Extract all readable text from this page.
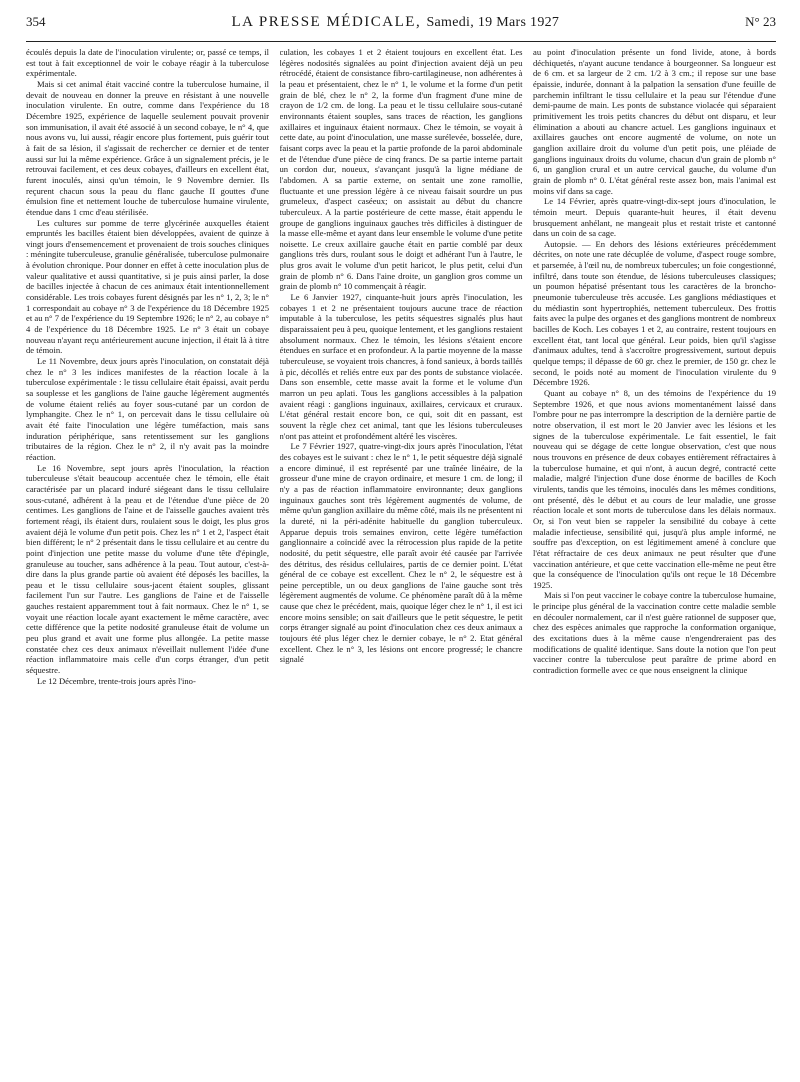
354	LA PRESSE MÉDICALE, Samedi, 19 Mars 1927	N° 23

écoulés depuis la date de l'inoculation virulente; or, passé ce temps, il est tout à fait exceptionnel de voir le cobaye réagir à la tuberculose expérimentale.

Mais si cet animal était vacciné contre la tuberculose humaine, il devait de nouveau en donner la preuve en résistant à une nouvelle inoculation virulente. En outre, comme dans l'expérience du 18 Décembre 1925, expérience de laquelle seulement pouvait provenir son immunisation, il avait été associé à un second cobaye, le n° 4, que nous avons vu, lui aussi, réagir encore plus fortement, puis guérir tout à fait de sa lésion, il s'agissait de rechercher ce dernier et de tenter aussi sur lui la même expérience. Grâce à un signalement précis, je le retrouvai facilement, et ces deux cobayes, d'ailleurs en excellent état, furent inoculés, ainsi qu'un témoin, le 9 Novembre dernier. Ils reçurent chacun sous la peau du flanc gauche II gouttes d'une émulsion fine et nettement louche de tuberculose humaine virulente, étendue dans 1 cmc d'eau stérilisée.

Les cultures sur pomme de terre glycérinée auxquelles étaient empruntés les bacilles étaient bien développées, avaient de quinze à vingt jours d'ensemencement et provenaient de trois souches cliniques : méningite tuberculeuse, granulie généralisée, tuberculose pulmonaire à évolution chronique. Pour donner en effet à cette inoculation plus de valeur qualitative et aussi quantitative, si je puis ainsi parler, la dose de bacilles injectée à chacun de ces animaux était intentionnellement considérable. Les trois cobayes furent désignés par les n° 1, 2, 3; le n° 1 correspondait au cobaye n° 3 de l'expérience du 18 Décembre 1925 et au n° 7 de l'expérience du 19 Septembre 1926; le n° 2, au cobaye n° 4 de l'expérience du 18 Décembre 1925. Le n° 3 était un cobaye nouveau n'ayant reçu antérieurement aucune injection, il était là à titre de témoin.

Le 11 Novembre, deux jours après l'inoculation, on constatait déjà chez le n° 3 les indices manifestes de la réaction locale à la tuberculose expérimentale : le tissu cellulaire était épaissi, avait perdu sa souplesse et les ganglions de l'aine gauche légèrement augmentés de volume étaient reliés au foyer sous-cutané par un cordon de lymphangite. Chez le n° 1, on percevait dans le tissu cellulaire où avait été faite l'inoculation une légère tuméfaction, mais sans induration périphérique, sans retentissement sur les ganglions tributaires de la région. Chez le n° 2, il n'y avait pas la moindre réaction.

Le 16 Novembre, sept jours après l'inoculation, la réaction tuberculeuse s'était beaucoup accentuée chez le témoin, elle était caractérisée par un placard induré siégeant dans le tissu cellulaire sous-cutané, adhérent à la peau et de l'étendue d'une pièce de 20 centimes. Les ganglions de l'aine et de l'aisselle gauches avaient très fortement réagi, ils étaient durs, roulaient sous le doigt, les plus gros avaient déjà le volume d'un petit pois. Chez les n° 1 et 2, l'aspect était bien différent; le n° 2 présentait dans le tissu cellulaire et au centre du point d'injection une petite masse du volume d'une tête d'épingle, granuleuse au toucher, sans adhérence à la peau. Tout autour, c'est-à-dire dans la plus grande partie où avaient été déposés les bacilles, la peau et le tissu cellulaire sous-jacent étaient souples, glissant facilement l'un sur l'autre. Les ganglions de l'aine et de l'aisselle gauches restaient apparemment tout à fait normaux. Chez le n° 1, se voyait une réaction locale ayant exactement le même caractère, avec cette différence que la petite nodosité granuleuse était de volume un peu plus grand et avait une forme plus allongée. La petite masse constatée chez ces deux animaux n'éveillait nullement l'idée d'une réaction inflammatoire mais celle d'un corps étranger, d'un petit séquestre.

Le 12 Décembre, trente-trois jours après l'ino-

culation, les cobayes 1 et 2 étaient toujours en excellent état. Les légères nodosités signalées au point d'injection avaient déjà un peu rétrocédé, étaient de consistance fibro-cartilagineuse, non adhérentes à la peau et présentaient, chez le n° 1, le volume et la forme d'un petit grain de blé, chez le n° 2, la forme d'un fragment d'une mine de crayon de 1/2 cm. de long. La peau et le tissu cellulaire sous-cutané environnants étaient souples, sans traces de réaction, les ganglions axillaires et inguinaux étaient normaux. Chez le témoin, se voyait à cette date, au point d'inoculation, une masse surélevée, bosselée, dure, faisant corps avec la peau et la partie profonde de la paroi abdominale et de l'étendue d'une pièce de cinq francs. De sa partie interne partait un cordon dur, noueux, s'avançant jusqu'à la ligne médiane de l'abdomen. A sa partie externe, on sentait une zone ramollie, fluctuante et une pression légère à ce niveau faisait sourdre un pus grumeleux, d'aspect caséeux; on assistait au début du chancre tuberculeux. A la partie postérieure de cette masse, était appendu le groupe de ganglions inguinaux gauches très difficiles à distinguer de la masse elle-même et ayant dans leur ensemble le volume d'une petite noisette. Le creux axillaire gauche était en partie comblé par deux ganglions très durs, roulant sous le doigt et adhérant l'un à l'autre, le plus gros avait le volume d'un petit haricot, le plus petit, celui d'un grain de plomb n° 6. Dans l'aine droite, un ganglion gros comme un grain de plomb n° 10 commençait à réagir.

Le 6 Janvier 1927, cinquante-huit jours après l'inoculation, les cobayes 1 et 2 ne présentaient toujours aucune trace de réaction imputable à la tuberculose, les petits séquestres signalés plus haut disparaissaient peu à peu, quoique lentement, et les ganglions restaient absolument normaux. Chez le témoin, les lésions s'étaient encore étendues en surface et en profondeur. A la partie moyenne de la masse tuberculeuse, se voyaient trois chancres, à fond sanieux, à bords taillés à pic, décollés et reliés entre eux par des ponts de substance violacée. Dans son ensemble, cette masse avait la forme et le volume d'un marron un peu aplati. Tous les ganglions accessibles à la palpation avaient réagi : ganglions inguinaux, axillaires, cervicaux et cruraux. L'état général restait encore bon, ce qui, soit dit en passant, est souvent la règle chez cet animal, tant que les lésions tuberculeuses n'ont pas atteint et profondément altéré les viscères.

Le 7 Février 1927, quatre-vingt-dix jours après l'inoculation, l'état des cobayes est le suivant : chez le n° 1, le petit séquestre déjà signalé a encore diminué, il est représenté par une traînée linéaire, de la grosseur d'une mine de crayon ordinaire, et mesure 1 cm. de long; il n'y a pas de réaction inflammatoire environnante; deux ganglions inguinaux gauches sont très légèrement augmentés de volume, de même qu'un ganglion axillaire du même côté, mais ils ne présentent ni la dureté, ni la péri-adénite habituelle du ganglion tuberculeux. Apparue depuis trois semaines environ, cette légère tuméfaction ganglionnaire a coïncidé avec la rétrocession plus rapide de la petite nodosité, du petit séquestre, elle paraît avoir été causée par l'arrivée des détritus, des résidus cellulaires, partis de ce dernier point. L'état général de ce cobaye est excellent. Chez le n° 2, le séquestre est à peine perceptible, un ou deux ganglions de l'aine gauche sont très légèrement augmentés de volume. Ce phénomène paraît dû à la même cause que chez le précédent, mais, quoique léger chez le n° 1, il est ici encore moins sensible; on sait d'ailleurs que le petit séquestre, le petit corps étranger signalé au point d'inoculation chez ces deux animaux a toujours été plus léger chez le dernier cobaye, le n° 2. Etat général excellent. Chez le n° 3, les lésions ont encore progressé; le chancre signalé

au point d'inoculation présente un fond livide, atone, à bords déchiquetés, n'ayant aucune tendance à bourgeonner. Sa longueur est de 6 cm. et sa largeur de 2 cm. 1/2 à 3 cm.; il repose sur une base épaissie, indurée, donnant à la palpation la sensation d'une feuille de parchemin infiltrant le tissu cellulaire et la peau sur l'étendue d'une demi-paume de main. Les ponts de substance violacée qui séparaient primitivement les trois petits chancres du début ont disparu, et leur élimination a abouti au chancre actuel. Les ganglions inguinaux et axillaires gauches ont encore augmenté de volume, on note un ganglion axillaire droit du volume d'un petit pois, une pléiade de ganglions inguinaux droits du volume, chacun d'un grain de plomb n° 6, un ganglion crural et un autre cervical gauche, du volume d'un grain de plomb n° 0. L'état général reste assez bon, mais l'animal est moins vif dans sa cage.

Le 14 Février, après quatre-vingt-dix-sept jours d'inoculation, le témoin meurt. Depuis quarante-huit heures, il était devenu brusquement anhélant, ne mangeait plus et restait triste et cantonné dans un coin de sa cage.

Autopsie. — En dehors des lésions extérieures précédemment décrites, on note une rate décuplée de volume, d'aspect rouge sombre, et parsemée, à l'œil nu, de nombreux tubercules; un foie congestionné, infiltré, dans toute son étendue, de lésions tuberculeuses classiques; un poumon hépatisé présentant tous les caractères de la broncho-pneumonie tuberculeuse très accusée. Les ganglions médiastiques et du médiastin sont hypertrophiés, nettement tuberculeux. Des frottis faits avec la pulpe des organes et des ganglions montrent de nombreux bacilles de Koch. Les cobayes 1 et 2, au contraire, restent toujours en excellent état, tant local que général. Leur poids, bien qu'il s'agisse d'animaux adultes, tend à s'accroître progressivement, surtout depuis quelque temps; il dépasse de 60 gr. chez le premier, de 150 gr. chez le second, le poids noté au moment de l'inoculation virulente du 9 Décembre 1926.

Quant au cobaye n° 8, un des témoins de l'expérience du 19 Septembre 1926, et que nous avions momentanément laissé dans l'ombre pour ne pas interrompre la description de la dernière partie de notre observation, il est mort le 20 Janvier avec les lésions et les signes de la tuberculose expérimentale. Le fait essentiel, le fait nouveau qui se dégage de cette longue observation, c'est que nous nous trouvons en présence de deux cobayes entièrement réfractaires à la tuberculose humaine, et qui n'ont, à aucun degré, contracté cette maladie, malgré l'injection d'une dose énorme de bacilles de Koch virulents, tandis que les témoins, inoculés dans les mêmes conditions, ont présenté, dès le début et au cours de leur maladie, une grosse réaction locale et sont morts de tuberculose dans les délais normaux. Or, si l'on veut bien se rappeler la sensibilité du cobaye à cette maladie infectieuse, sensibilité qui, jusqu'à plus ample informé, ne souffre pas d'exception, on est légitimement amené à conclure que l'état réfractaire de ces deux animaux ne peut résulter que d'une vaccination antérieure, et que cette vaccination elle-même ne peut être que la conséquence de l'inoculation qu'ils ont reçue le 18 Décembre 1925.

Mais si l'on peut vacciner le cobaye contre la tuberculose humaine, le principe plus général de la vaccination contre cette maladie semble en découler normalement, car il n'est guère rationnel de supposer que, chez des espèces animales que rapproche la conformation organique, des excitations dues à la même cause n'engendreraient pas des modifications de qualité identique. Sans doute la notion que l'on peut vacciner contre la tuberculose peut paraître de prime abord en contradiction formelle avec ce que nous enseignent la clinique
